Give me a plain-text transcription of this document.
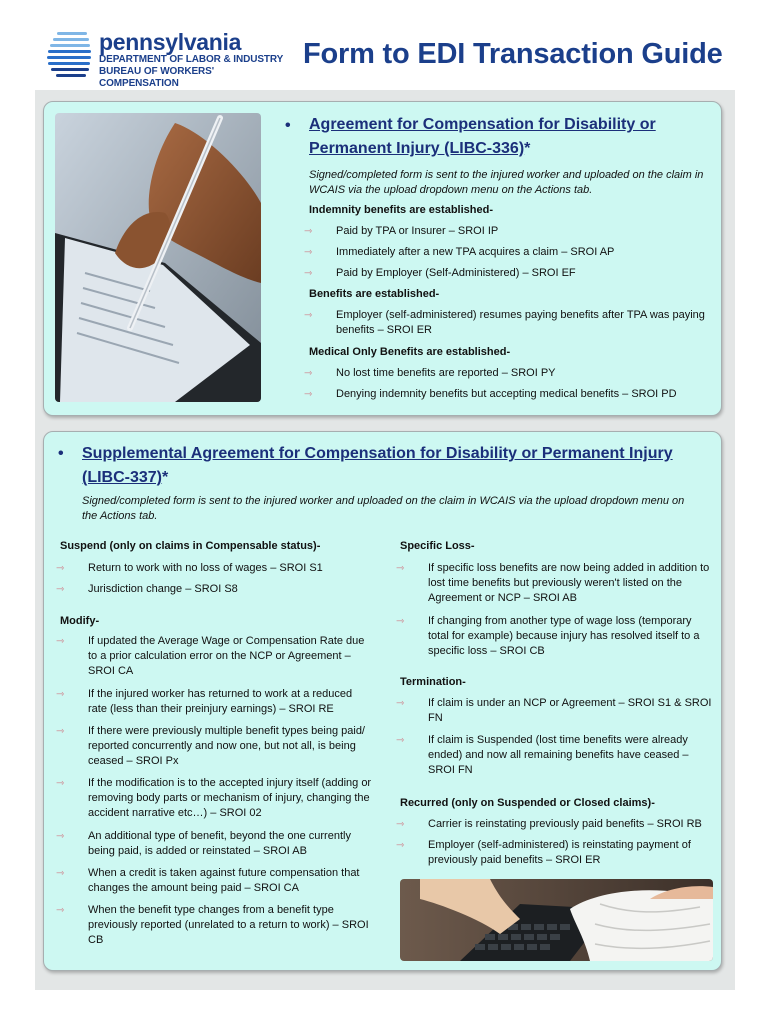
pennsylvania
DEPARTMENT OF LABOR & INDUSTRY
BUREAU OF WORKERS' COMPENSATION
Form to EDI Transaction Guide
• Agreement for Compensation for Disability or Permanent Injury (LIBC-336)*
Signed/completed form is sent to the injured worker and uploaded on the claim in WCAIS via the upload dropdown menu on the Actions tab.
Indemnity benefits are established-
⇾ Paid by TPA or Insurer – SROI IP
⇾ Immediately after a new TPA acquires a claim – SROI AP
⇾ Paid by Employer (Self-Administered) – SROI EF
Benefits are established-
⇾ Employer (self-administered) resumes paying benefits after TPA was paying benefits – SROI ER
Medical Only Benefits are established-
⇾ No lost time benefits are reported – SROI PY
⇾ Denying indemnity benefits but accepting medical benefits – SROI PD
• Supplemental Agreement for Compensation for Disability or Permanent Injury (LIBC-337)*
Signed/completed form is sent to the injured worker and uploaded on the claim in WCAIS via the upload dropdown menu on the Actions tab.
Suspend (only on claims in Compensable status)-
⇾ Return to work with no loss of wages – SROI S1
⇾ Jurisdiction change – SROI S8
Modify-
⇾ If updated the Average Wage or Compensation Rate due to a prior calculation error on the NCP or Agreement – SROI CA
⇾ If the injured worker has returned to work at a reduced rate (less than their preinjury earnings) – SROI RE
⇾ If there were previously multiple benefit types being paid/ reported concurrently and now one, but not all, is being ceased – SROI Px
⇾ If the modification is to the accepted injury itself (adding or removing body parts or mechanism of injury, changing the accident narrative etc…) – SROI 02
⇾ An additional type of benefit, beyond the one currently being paid, is added or reinstated – SROI AB
⇾ When a credit is taken against future compensation that changes the amount being paid – SROI CA
⇾ When the benefit type changes from a benefit type previously reported (unrelated to a return to work) – SROI CB
Specific Loss-
⇾ If specific loss benefits are now being added in addition to lost time benefits but previously weren't listed on the Agreement or NCP – SROI AB
⇾ If changing from another type of wage loss (temporary total for example) because injury has resolved itself to a specific loss – SROI CB
Termination-
⇾ If claim is under an NCP or Agreement – SROI S1 & SROI FN
⇾ If claim is Suspended (lost time benefits were already ended) and now all remaining benefits have ceased –SROI FN
Recurred (only on Suspended or Closed claims)-
⇾ Carrier is reinstating previously paid benefits – SROI RB
⇾ Employer (self-administered) is reinstating payment of previously paid benefits – SROI ER
